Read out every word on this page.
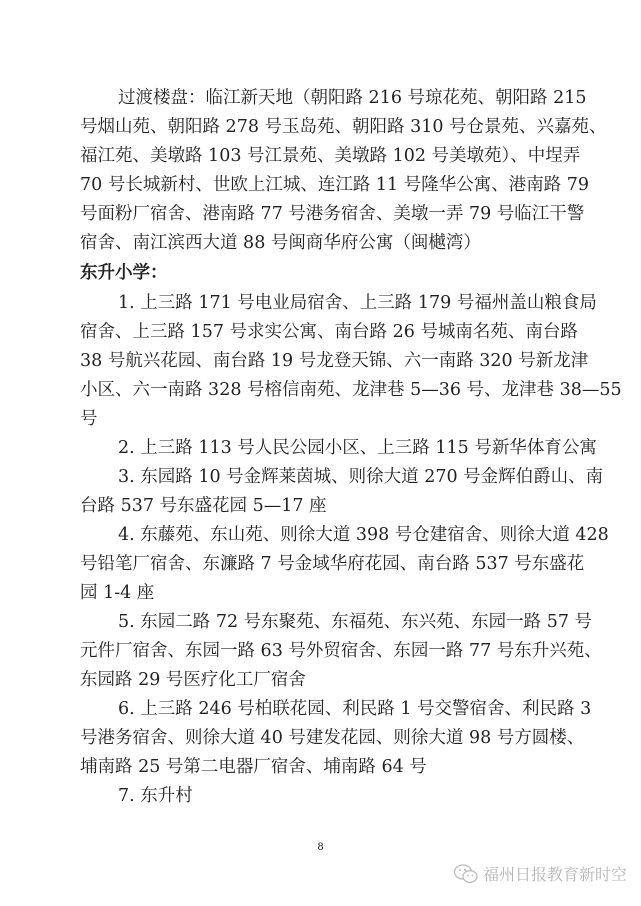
过渡楼盘：临江新天地（朝阳路 216 号琼花苑、朝阳路 215
号烟山苑、朝阳路 278 号玉岛苑、朝阳路 310 号仓景苑、兴嘉苑、
福江苑、美墩路 103 号江景苑、美墩路 102 号美墩苑）、中埕弄
70 号长城新村、世欧上江城、连江路 11 号隆华公寓、港南路 79
号面粉厂宿舍、港南路 77 号港务宿舍、美墩一弄 79 号临江干警
宿舍、南江滨西大道 88 号闽商华府公寓（闽樾湾）
东升小学：
1. 上三路 171 号电业局宿舍、上三路 179 号福州盖山粮食局
宿舍、上三路 157 号求实公寓、南台路 26 号城南名苑、南台路
38 号航兴花园、南台路 19 号龙登天锦、六一南路 320 号新龙津
小区、六一南路 328 号榕信南苑、龙津巷 5—36 号、龙津巷 38—55
号
2. 上三路 113 号人民公园小区、上三路 115 号新华体育公寓
3. 东园路 10 号金辉莱茵城、则徐大道 270 号金辉伯爵山、南
台路 537 号东盛花园 5—17 座
4. 东藤苑、东山苑、则徐大道 398 号仓建宿舍、则徐大道 428
号铅笔厂宿舍、东濂路 7 号金域华府花园、南台路 537 号东盛花
园 1-4 座
5. 东园二路 72 号东聚苑、东福苑、东兴苑、东园一路 57 号
元件厂宿舍、东园一路 63 号外贸宿舍、东园一路 77 号东升兴苑、
东园路 29 号医疗化工厂宿舍
6. 上三路 246 号柏联花园、利民路 1 号交警宿舍、利民路 3
号港务宿舍、则徐大道 40 号建发花园、则徐大道 98 号方圆楼、
埔南路 25 号第二电器厂宿舍、埔南路 64 号
7. 东升村
8
福州日报教育新时空
